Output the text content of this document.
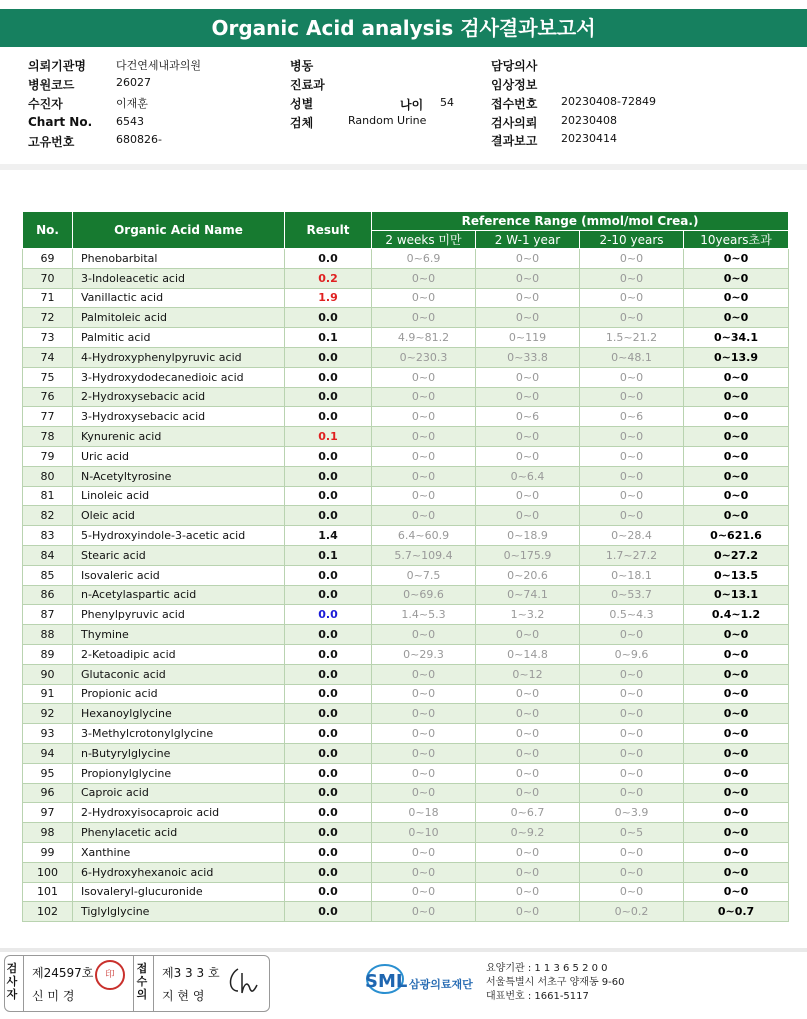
Organic Acid analysis 검사결과보고서
의뢰기관명	다건연세내과의원
병원코드	26027
수진자	이재훈
Chart No. 6543
고유번호	680826-
병동
진료과
성별
검체	Random Urine
담당의사
임상정보
접수번호 20230408-72849
검사의뢰 20230408
결과보고 20230414
나이 54
No.	Organic Acid Name	Result	Reference Range (mmol/mol Crea.)			
			2 weeks 미만	2 W-1 year	2-10 years	10years초과
69	Phenobarbital	0.0	0~6.9	0~0	0~0	0~0
70	3-Indoleacetic acid	0.2	0~0	0~0	0~0	0~0
71	Vanillactic acid	1.9	0~0	0~0	0~0	0~0
72	Palmitoleic acid	0.0	0~0	0~0	0~0	0~0
73	Palmitic acid	0.1	4.9~81.2	0~119	1.5~21.2	0~34.1
74	4-Hydroxyphenylpyruvic acid	0.0	0~230.3	0~33.8	0~48.1	0~13.9
75	3-Hydroxydodecanedioic acid	0.0	0~0	0~0	0~0	0~0
76	2-Hydroxysebacic acid	0.0	0~0	0~0	0~0	0~0
77	3-Hydroxysebacic acid	0.0	0~0	0~6	0~6	0~0
78	Kynurenic acid	0.1	0~0	0~0	0~0	0~0
79	Uric acid	0.0	0~0	0~0	0~0	0~0
80	N-Acetyltyrosine	0.0	0~0	0~6.4	0~0	0~0
81	Linoleic acid	0.0	0~0	0~0	0~0	0~0
82	Oleic acid	0.0	0~0	0~0	0~0	0~0
83	5-Hydroxyindole-3-acetic acid	1.4	6.4~60.9	0~18.9	0~28.4	0~621.6
84	Stearic acid	0.1	5.7~109.4	0~175.9	1.7~27.2	0~27.2
85	Isovaleric acid	0.0	0~7.5	0~20.6	0~18.1	0~13.5
86	n-Acetylaspartic acid	0.0	0~69.6	0~74.1	0~53.7	0~13.1
87	Phenylpyruvic acid	0.0	1.4~5.3	1~3.2	0.5~4.3	0.4~1.2
88	Thymine	0.0	0~0	0~0	0~0	0~0
89	2-Ketoadipic acid	0.0	0~29.3	0~14.8	0~9.6	0~0
90	Glutaconic acid	0.0	0~0	0~12	0~0	0~0
91	Propionic acid	0.0	0~0	0~0	0~0	0~0
92	Hexanoylglycine	0.0	0~0	0~0	0~0	0~0
93	3-Methylcrotonylglycine	0.0	0~0	0~0	0~0	0~0
94	n-Butyrylglycine	0.0	0~0	0~0	0~0	0~0
95	Propionylglycine	0.0	0~0	0~0	0~0	0~0
96	Caproic acid	0.0	0~0	0~0	0~0	0~0
97	2-Hydroxyisocaproic acid	0.0	0~18	0~6.7	0~3.9	0~0
98	Phenylacetic acid	0.0	0~10	0~9.2	0~5	0~0
99	Xanthine	0.0	0~0	0~0	0~0	0~0
100	6-Hydroxyhexanoic acid	0.0	0~0	0~0	0~0	0~0
101	Isovaleryl-glucuronide	0.0	0~0	0~0	0~0	0~0
102	Tiglylglycine	0.0	0~0	0~0	0~0.2	0~0.7
검사자
제24597호
신 미 경
印	접수의
제3 3 3 호
지 현 영
SML 삼광의료재단
요양기관 : 1 1 3 6 5 2 0 0
서울특별시 서초구 양재동 9-60
대표번호 : 1661-5117
